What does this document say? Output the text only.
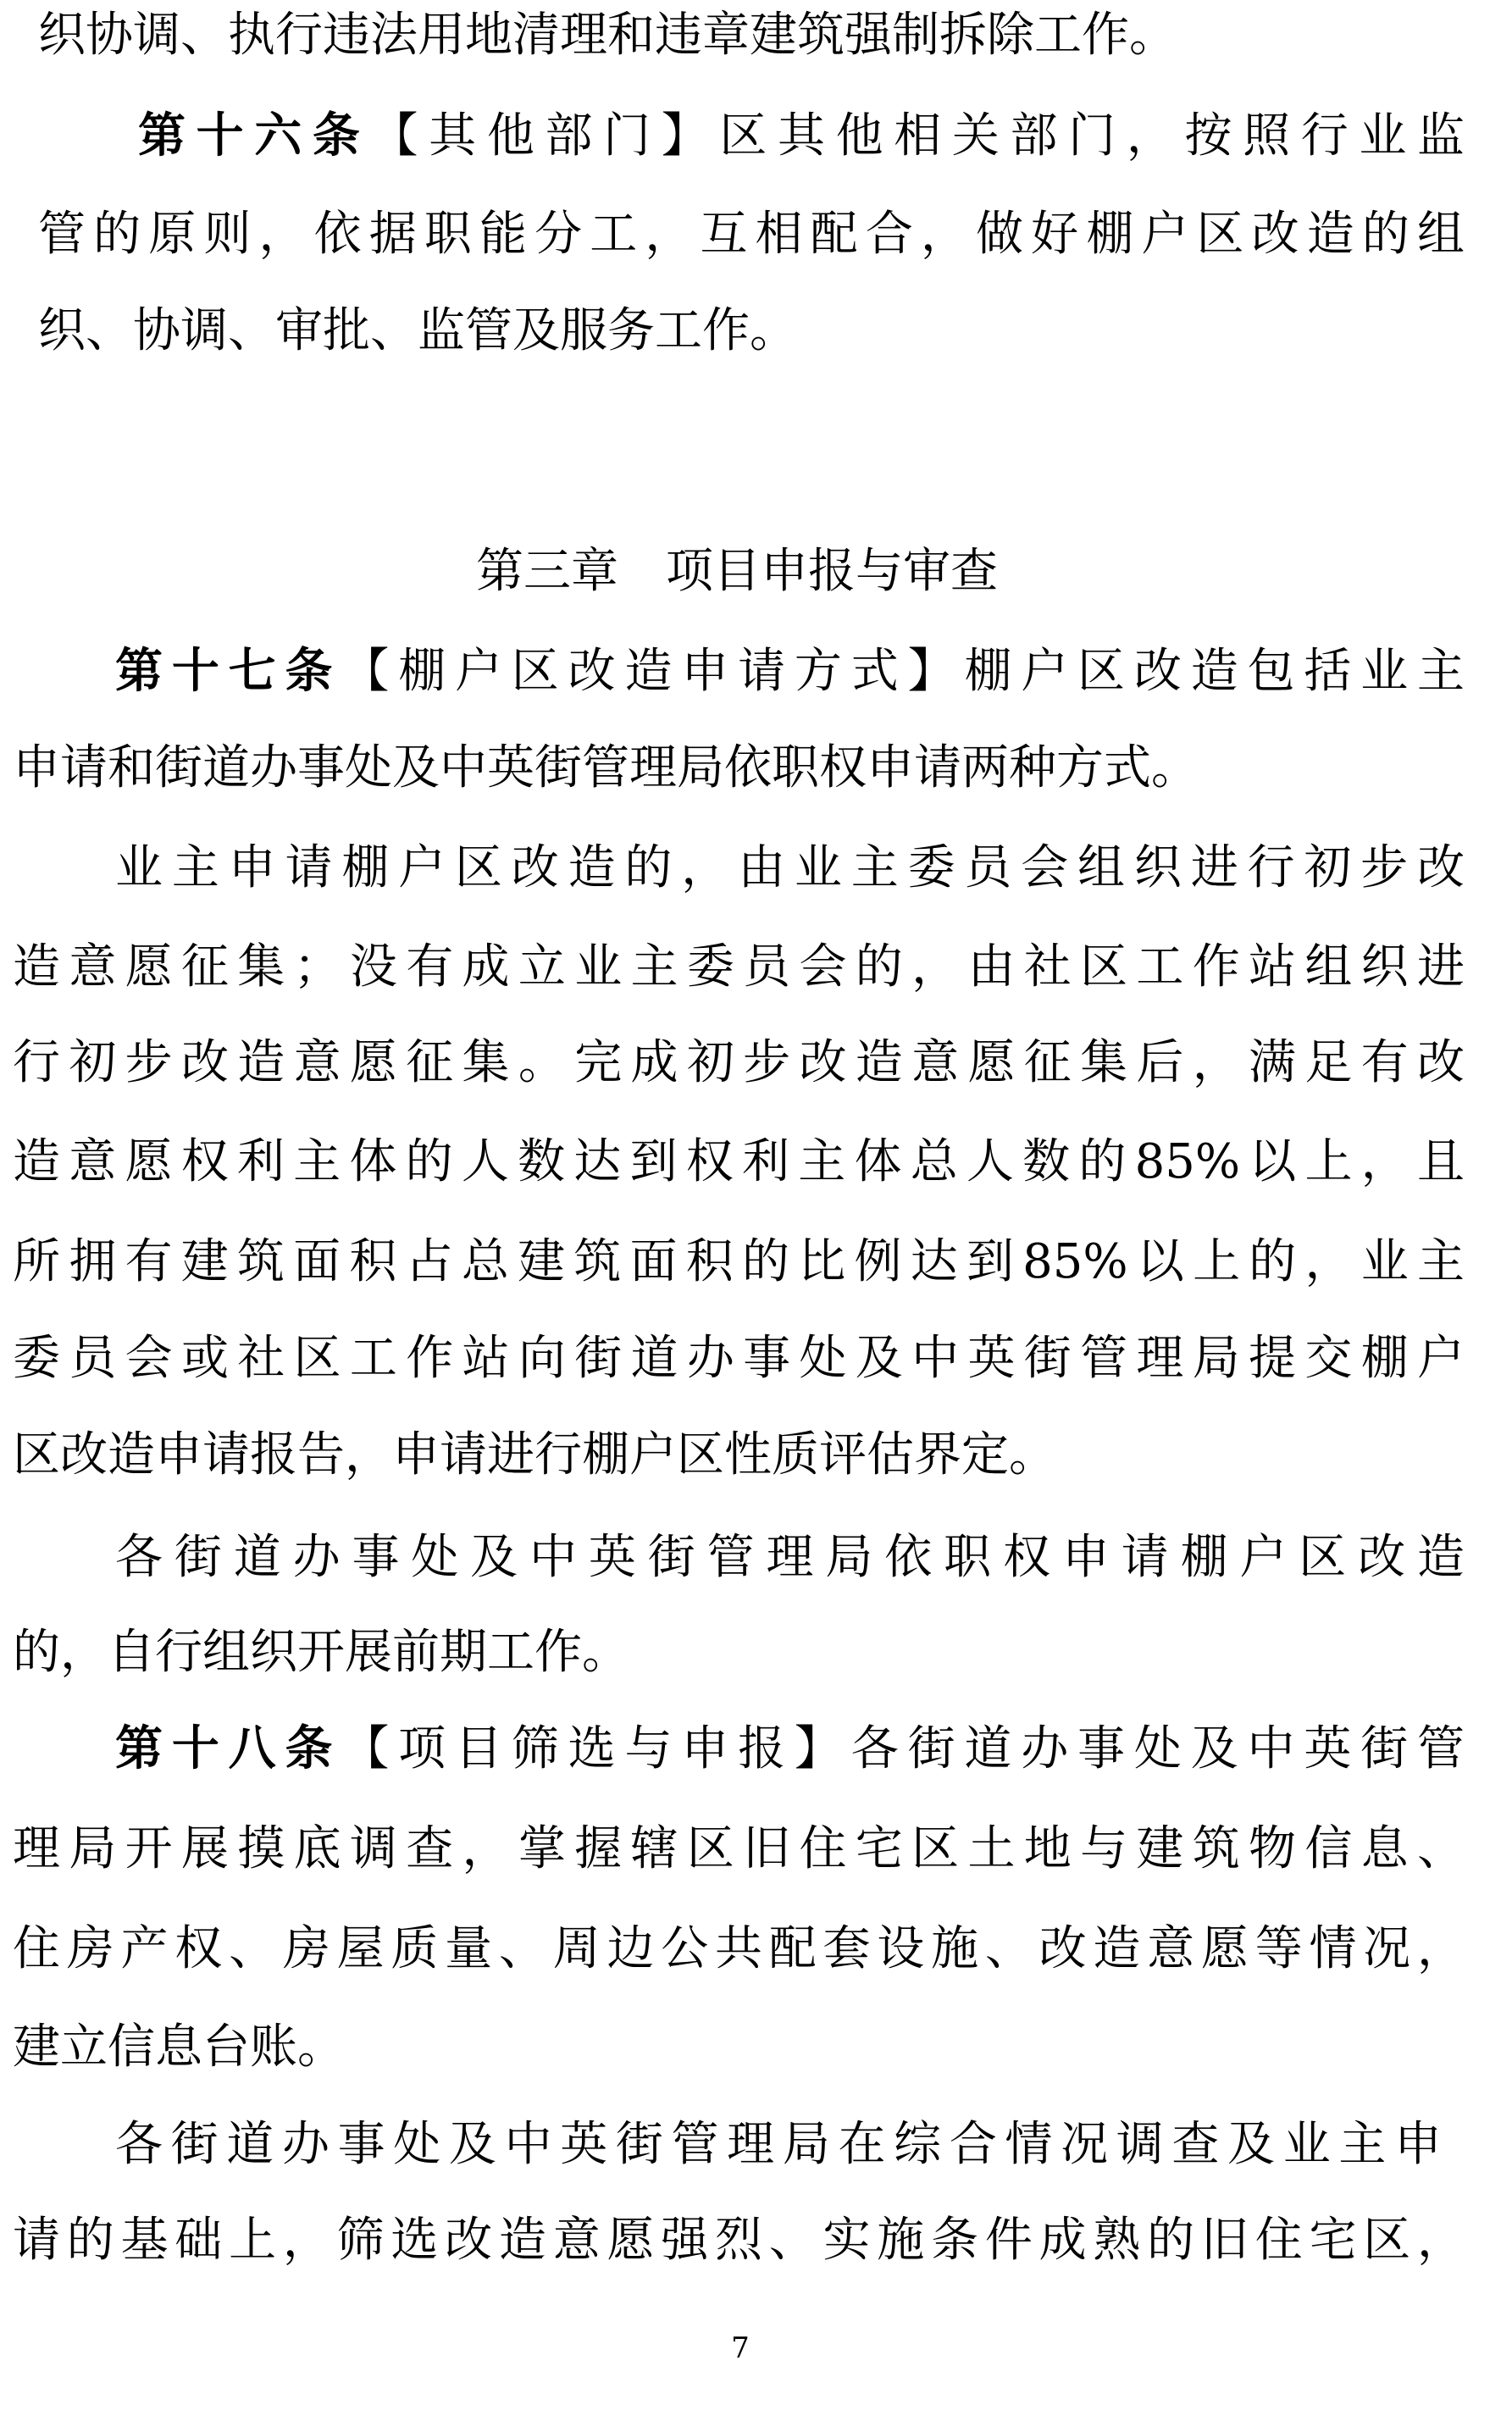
织协调、执行违法用地清理和违章建筑强制拆除工作。
第十六条【其他部门】区其他相关部门，按照行业监
管的原则，依据职能分工，互相配合，做好棚户区改造的组
织、协调、审批、监管及服务工作。
第三章　项目申报与审查
第十七条【棚户区改造申请方式】棚户区改造包括业主
申请和街道办事处及中英街管理局依职权申请两种方式。
业主申请棚户区改造的，由业主委员会组织进行初步改
造意愿征集；没有成立业主委员会的，由社区工作站组织进
行初步改造意愿征集。完成初步改造意愿征集后，满足有改
造意愿权利主体的人数达到权利主体总人数的85%以上，且
所拥有建筑面积占总建筑面积的比例达到85%以上的，业主
委员会或社区工作站向街道办事处及中英街管理局提交棚户
区改造申请报告，申请进行棚户区性质评估界定。
各街道办事处及中英街管理局依职权申请棚户区改造
的，自行组织开展前期工作。
第十八条【项目筛选与申报】各街道办事处及中英街管
理局开展摸底调查，掌握辖区旧住宅区土地与建筑物信息、
住房产权、房屋质量、周边公共配套设施、改造意愿等情况，
建立信息台账。
各街道办事处及中英街管理局在综合情况调查及业主申
请的基础上，筛选改造意愿强烈、实施条件成熟的旧住宅区，
7
